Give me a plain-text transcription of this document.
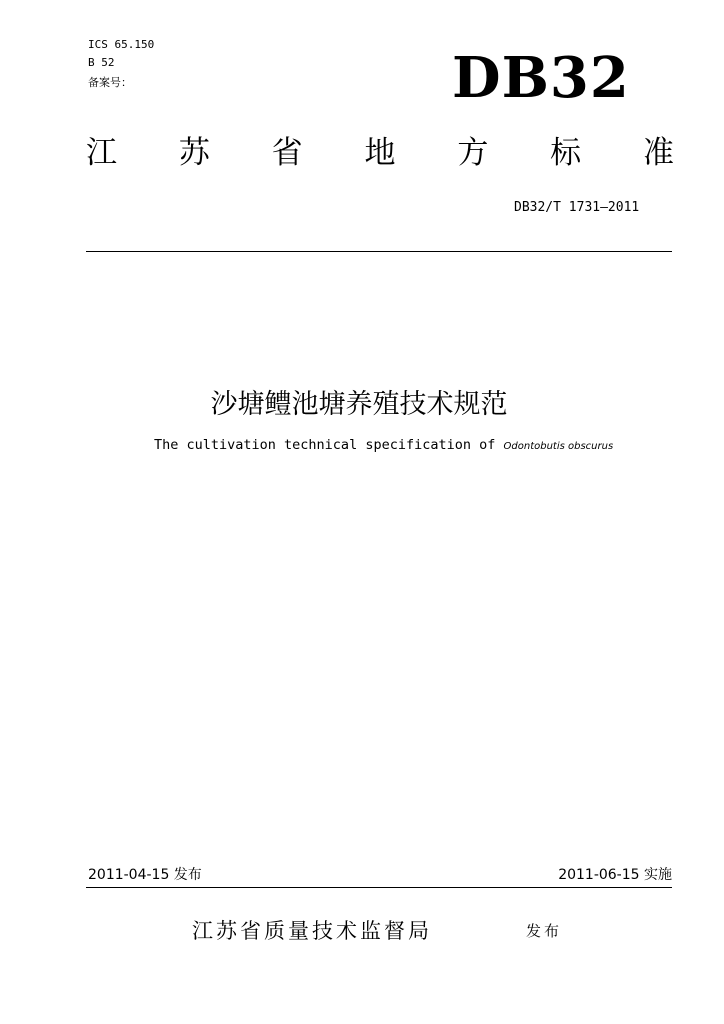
ICS 65.150
B 52
备案号：	DB32
江 苏 省 地 方 标 准
DB32/T 1731—2011
沙塘鳢池塘养殖技术规范
The cultivation technical specification of Odontobutis obscurus
2011-04-15 发布	2011-06-15 实施
江苏省质量技术监督局	发布
